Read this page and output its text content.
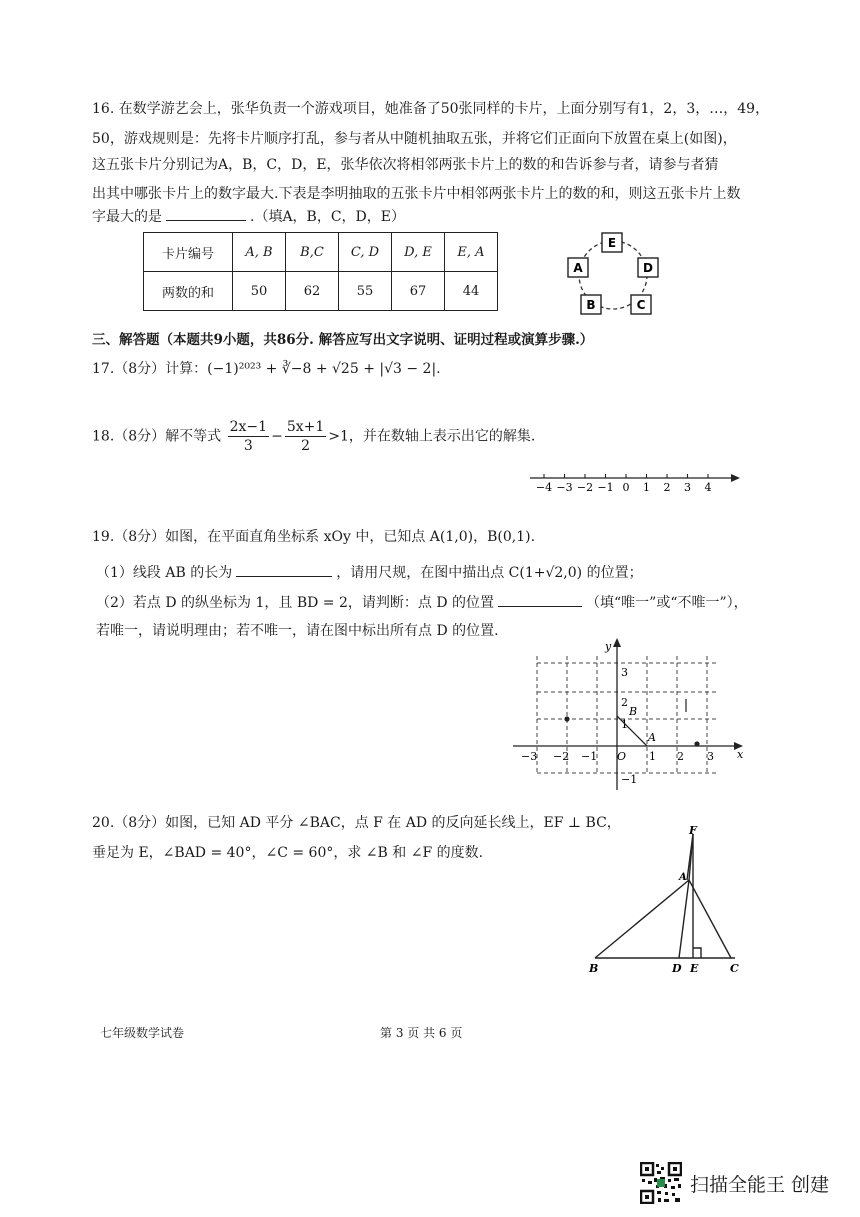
16. 在数学游艺会上，张华负责一个游戏项目，她准备了50张同样的卡片，上面分别写有1，2，3，…，49，
50，游戏规则是：先将卡片顺序打乱，参与者从中随机抽取五张，并将它们正面向下放置在桌上(如图)，
这五张卡片分别记为A，B，C，D，E，张华依次将相邻两张卡片上的数的和告诉参与者，请参与者猜
出其中哪张卡片上的数字最大.下表是李明抽取的五张卡片中相邻两张卡片上的数的和，则这五张卡片上数
字最大的是	.（填A，B，C，D，E）
卡片编号	A, B	B,C	C, D	D, E	E, A
两数的和	50	62	55	67	44
E
A	D
B	C
三、解答题（本题共9小题，共86分. 解答应写出文字说明、证明过程或演算步骤.）
17.（8分）计算：(−1)²⁰²³ + ∛−8 + √25 + |√3 − 2|.
18.（8分）解不等式 $\frac{2x-1}{3} - \frac{5x+1}{2} >1$，并在数轴上表示出它的解集.
−4 −3 −2 −1 0 1 2 3 4
19.（8分）如图，在平面直角坐标系 xOy 中，已知点 A(1,0)，B(0,1).
（1）线段 AB 的长为	，请用尺规，在图中描出点 C(1+√2,0) 的位置；
（2）若点 D 的纵坐标为 1，且 BD = 2，请判断：点 D 的位置	（填“唯一”或“不唯一”），
若唯一，请说明理由；若不唯一，请在图中标出所有点 D 的位置.
x
y
−3 −2 −1 O 1 2 3
3
2
1
−1
B
A
20.（8分）如图，已知 AD 平分 ∠BAC，点 F 在 AD 的反向延长线上，EF ⊥ BC，
垂足为 E，∠BAD = 40°，∠C = 60°，求 ∠B 和 ∠F 的度数.
F
A
B	D E	C
七年级数学试卷	第 3 页 共 6 页
扫描全能王 创建
